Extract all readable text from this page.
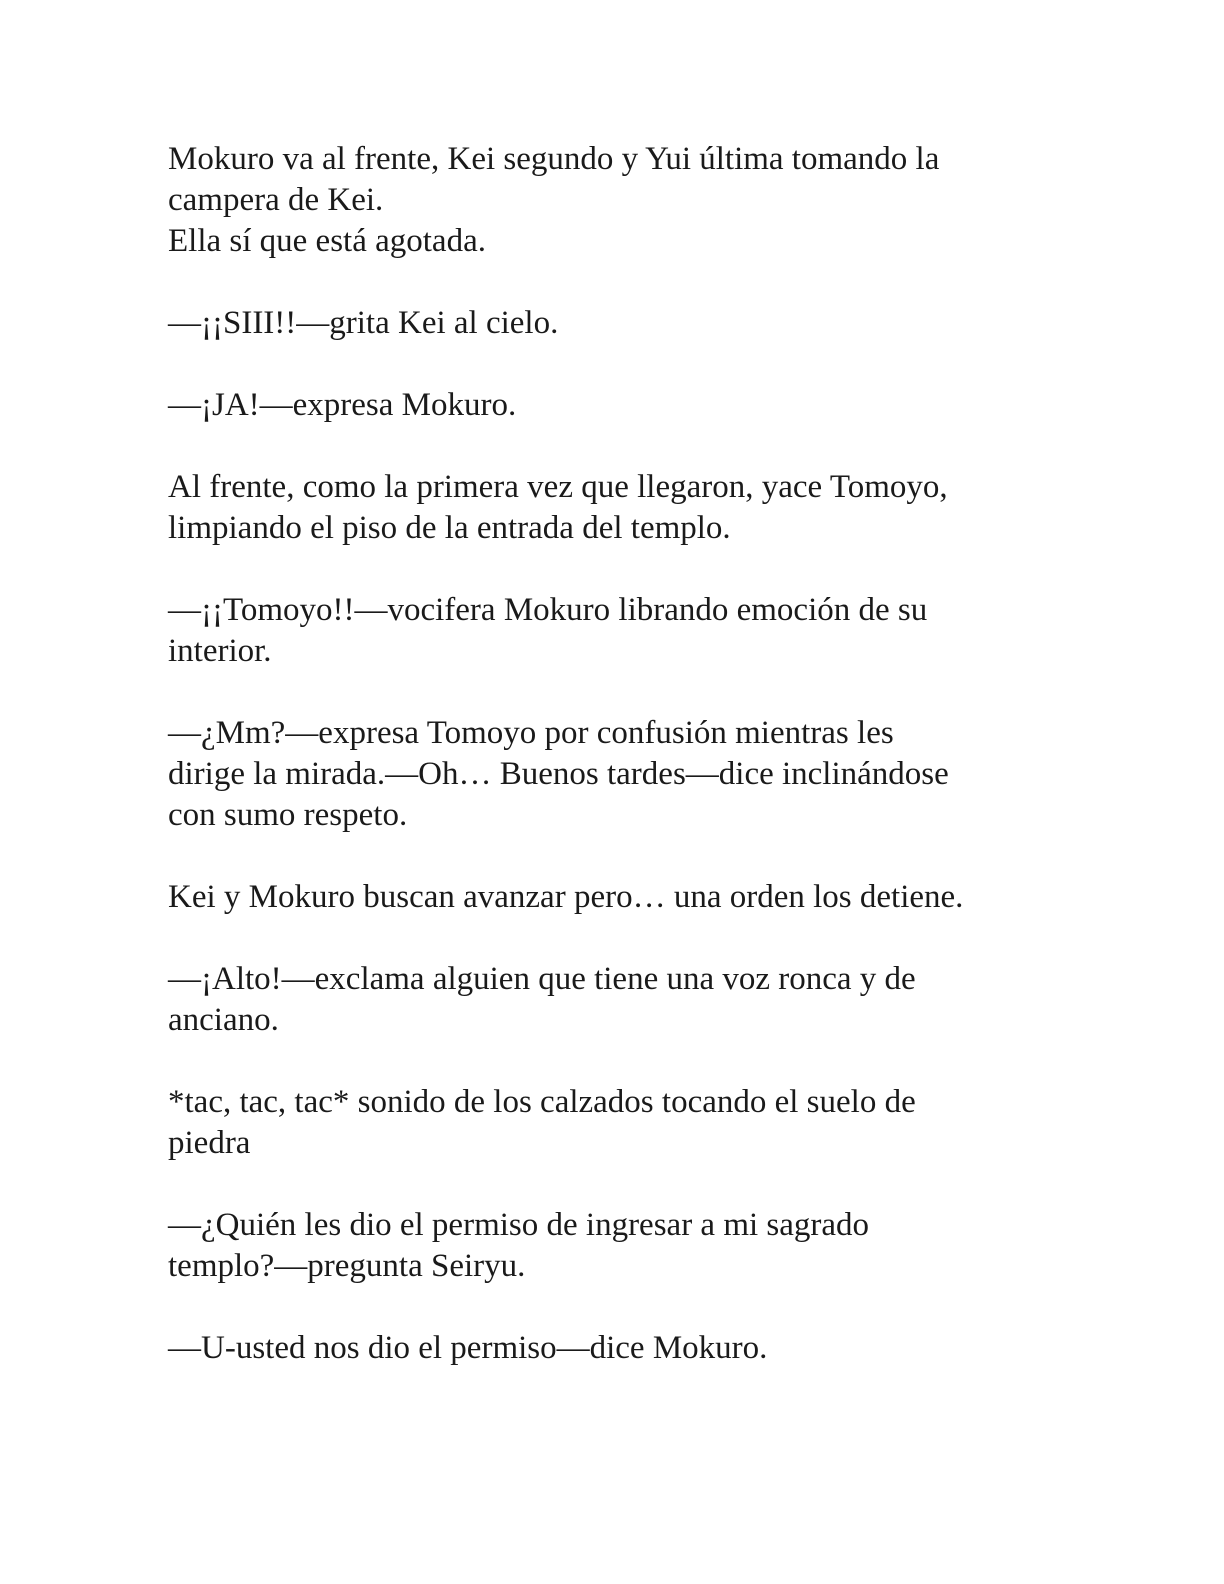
Mokuro va al frente, Kei segundo y Yui última tomando la
campera de Kei.
Ella sí que está agotada.

—¡¡SIII!!—grita Kei al cielo.

—¡JA!—expresa Mokuro.

Al frente, como la primera vez que llegaron, yace Tomoyo,
limpiando el piso de la entrada del templo.

—¡¡Tomoyo!!—vocifera Mokuro librando emoción de su
interior.

—¿Mm?—expresa Tomoyo por confusión mientras les
dirige la mirada.—Oh… Buenos tardes—dice inclinándose
con sumo respeto.

Kei y Mokuro buscan avanzar pero… una orden los detiene.

—¡Alto!—exclama alguien que tiene una voz ronca y de
anciano.

*tac, tac, tac* sonido de los calzados tocando el suelo de
piedra

—¿Quién les dio el permiso de ingresar a mi sagrado
templo?—pregunta Seiryu.

—U-usted nos dio el permiso—dice Mokuro.
